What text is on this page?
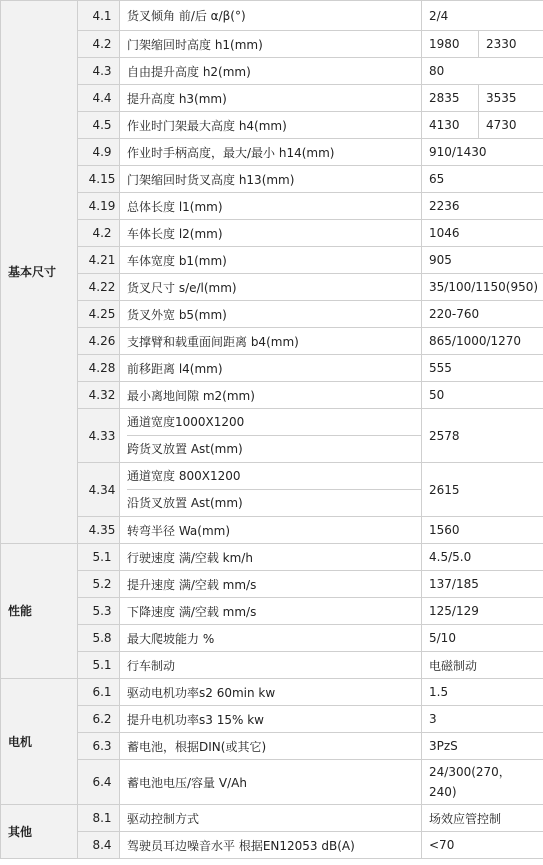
基本尺寸	4.1	货叉倾角 前/后 α/β(°)	2/4	
	4.2	门架缩回时高度 h1(mm)	1980	2330
	4.3	自由提升高度 h2(mm)	80	
	4.4	提升高度 h3(mm)	2835	3535
	4.5	作业时门架最大高度 h4(mm)	4130	4730
	4.9	作业时手柄高度，最大/最小 h14(mm)	910/1430	
	4.15	门架缩回时货叉高度 h13(mm)	65	
	4.19	总体长度 l1(mm)	2236	
	4.2	车体长度 l2(mm)	1046	
	4.21	车体宽度 b1(mm)	905	
	4.22	货叉尺寸 s/e/l(mm)	35/100/1150(950)	
	4.25	货叉外宽 b5(mm)	220-760	
	4.26	支撑臂和载重面间距离 b4(mm)	865/1000/1270	
	4.28	前移距离 l4(mm)	555	
	4.32	最小离地间隙 m2(mm)	50	
	4.33	通道宽度1000X1200
跨货叉放置 Ast(mm)	2578	
	4.34	通道宽度 800X1200
沿货叉放置 Ast(mm)	2615	
	4.35	转弯半径 Wa(mm)	1560	
性能	5.1	行驶速度 满/空载 km/h	4.5/5.0	
	5.2	提升速度 满/空载 mm/s	137/185	
	5.3	下降速度 满/空载 mm/s	125/129	
	5.8	最大爬坡能力 %	5/10	
	5.1	行车制动	电磁制动	
电机	6.1	驱动电机功率s2 60min kw	1.5	
	6.2	提升电机功率s3 15% kw	3	
	6.3	蓄电池，根据DIN(或其它)	3PzS	
	6.4	蓄电池电压/容量 V/Ah	24/300(270，
240)	

其他	8.1	驱动控制方式	场效应管控制	
	8.4	驾驶员耳边噪音水平 根据EN12053 dB(A)	<70	
